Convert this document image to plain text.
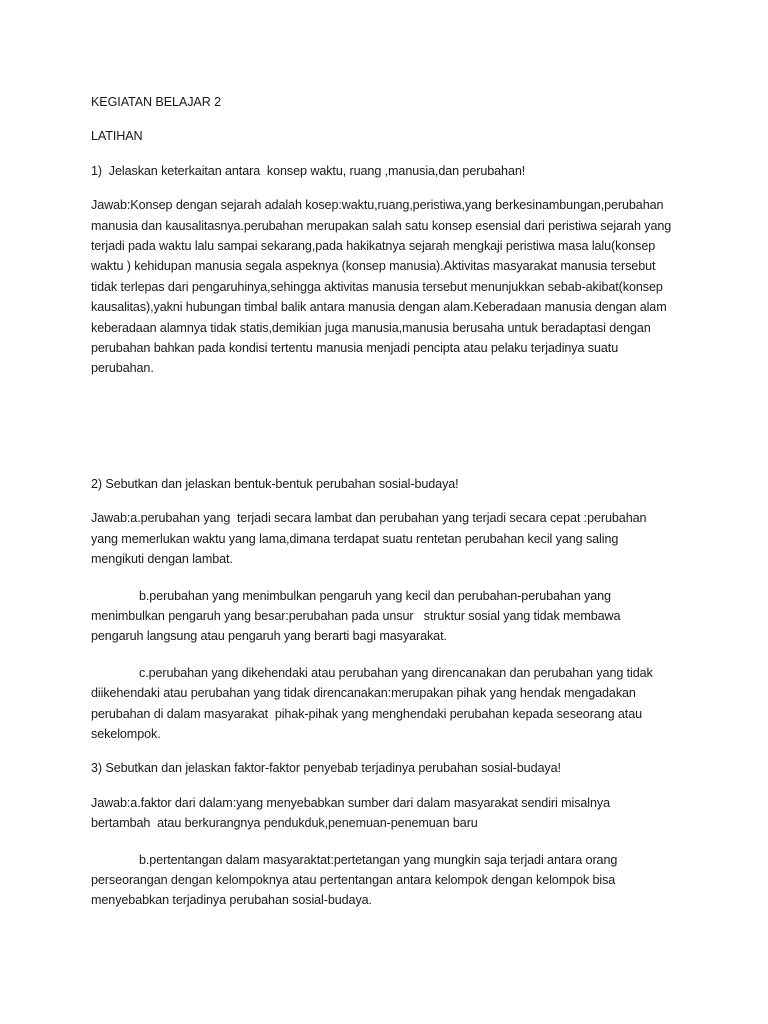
KEGIATAN BELAJAR 2
LATIHAN
1)  Jelaskan keterkaitan antara  konsep waktu, ruang ,manusia,dan perubahan!
Jawab:Konsep dengan sejarah adalah kosep:waktu,ruang,peristiwa,yang berkesinambungan,perubahan
manusia dan kausalitasnya.perubahan merupakan salah satu konsep esensial dari peristiwa sejarah yang
terjadi pada waktu lalu sampai sekarang,pada hakikatnya sejarah mengkaji peristiwa masa lalu(konsep
waktu ) kehidupan manusia segala aspeknya (konsep manusia).Aktivitas masyarakat manusia tersebut
tidak terlepas dari pengaruhinya,sehingga aktivitas manusia tersebut menunjukkan sebab-akibat(konsep
kausalitas),yakni hubungan timbal balik antara manusia dengan alam.Keberadaan manusia dengan alam
keberadaan alamnya tidak statis,demikian juga manusia,manusia berusaha untuk beradaptasi dengan
perubahan bahkan pada kondisi tertentu manusia menjadi pencipta atau pelaku terjadinya suatu
perubahan.
2) Sebutkan dan jelaskan bentuk-bentuk perubahan sosial-budaya!
Jawab:a.perubahan yang  terjadi secara lambat dan perubahan yang terjadi secara cepat :perubahan
yang memerlukan waktu yang lama,dimana terdapat suatu rentetan perubahan kecil yang saling
mengikuti dengan lambat.
b.perubahan yang menimbulkan pengaruh yang kecil dan perubahan-perubahan yang
menimbulkan pengaruh yang besar:perubahan pada unsur   struktur sosial yang tidak membawa
pengaruh langsung atau pengaruh yang berarti bagi masyarakat.
c.perubahan yang dikehendaki atau perubahan yang direncanakan dan perubahan yang tidak
diikehendaki atau perubahan yang tidak direncanakan:merupakan pihak yang hendak mengadakan
perubahan di dalam masyarakat  pihak-pihak yang menghendaki perubahan kepada seseorang atau
sekelompok.
3) Sebutkan dan jelaskan faktor-faktor penyebab terjadinya perubahan sosial-budaya!
Jawab:a.faktor dari dalam:yang menyebabkan sumber dari dalam masyarakat sendiri misalnya
bertambah  atau berkurangnya pendukduk,penemuan-penemuan baru
b.pertentangan dalam masyaraktat:pertetangan yang mungkin saja terjadi antara orang
perseorangan dengan kelompoknya atau pertentangan antara kelompok dengan kelompok bisa
menyebabkan terjadinya perubahan sosial-budaya.
